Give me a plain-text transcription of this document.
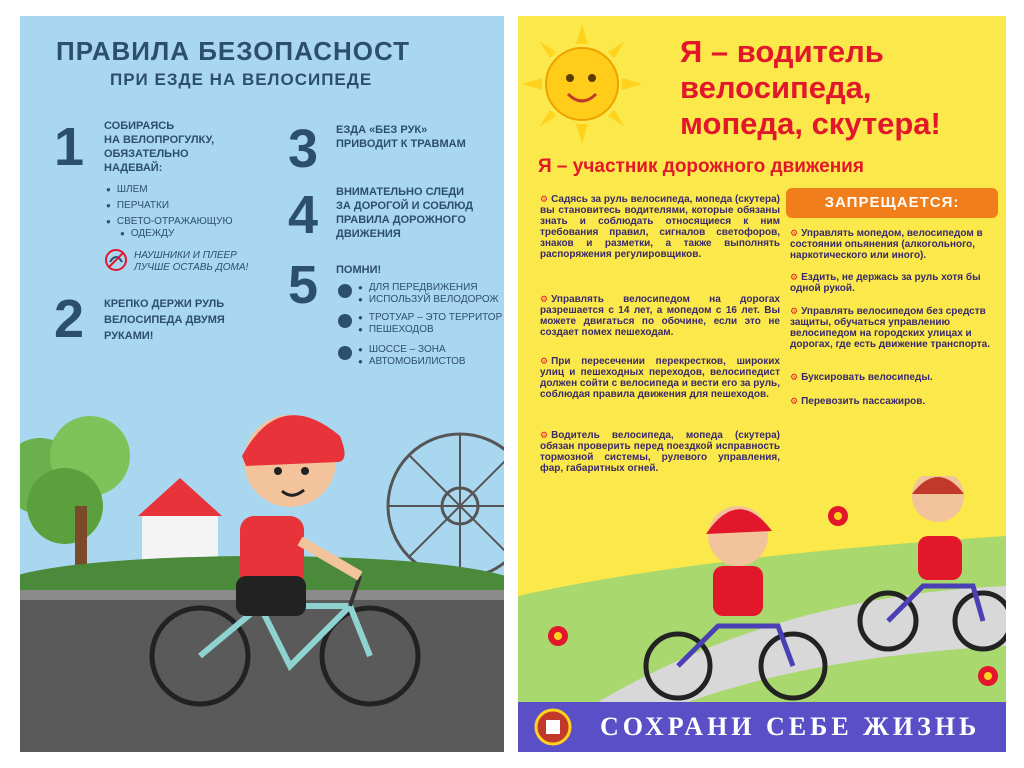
ПРАВИЛА БЕЗОПАСНОСТ
ПРИ ЕЗДЕ НА ВЕЛОСИПЕДЕ
1 СОБИРАЯСЬ
НА ВЕЛОПРОГУЛКУ,
ОБЯЗАТЕЛЬНО
НАДЕВАЙ:
● ШЛЕМ
● ПЕРЧАТКИ
● СВЕТО-ОТРАЖАЮЩУЮ
● ОДЕЖДУ
НАУШНИКИ И ПЛЕЕР
ЛУЧШЕ ОСТАВЬ ДОМА!
2 КРЕПКО ДЕРЖИ РУЛЬ
ВЕЛОСИПЕДА ДВУМЯ
РУКАМИ!
3 ЕЗДА «БЕЗ РУК»
ПРИВОДИТ К ТРАВМАМ
4 ВНИМАТЕЛЬНО СЛЕДИ
ЗА ДОРОГОЙ И СОБЛЮД
ПРАВИЛА ДОРОЖНОГО
ДВИЖЕНИЯ
5 ПОМНИ!
● ДЛЯ ПЕРЕДВИЖЕНИЯ
● ИСПОЛЬЗУЙ ВЕЛОДОРОЖ
● ТРОТУАР – ЭТО ТЕРРИТОР
● ПЕШЕХОДОВ
● ШОССЕ – ЗОНА
● АВТОМОБИЛИСТОВ
Я – водитель
велосипеда,
мопеда, скутера!
Я – участник дорожного движения
⚙ Садясь за руль велосипеда, мопеда (скутера) вы становитесь водителями, которые обязаны знать и соблюдать относящиеся к ним требования правил, сигналов светофоров, знаков и разметки, а также выполнять распоряжения регулировщиков.
⚙ Управлять велосипедом на дорогах разрешается с 14 лет, а мопедом с 16 лет. Вы можете двигаться по обочине, если это не создает помех пешеходам.
⚙ При пересечении перекрестков, широких улиц и пешеходных переходов, велосипедист должен сойти с велосипеда и вести его за руль, соблюдая правила движения для пешеходов.
⚙ Водитель велосипеда, мопеда (скутера) обязан проверить перед поездкой исправность тормозной системы, рулевого управления, фар, габаритных огней.
ЗАПРЕЩАЕТСЯ:
⚙ Управлять мопедом, велосипедом в состоянии опьянения (алкогольного, наркотического или иного).
⚙ Ездить, не держась за руль хотя бы одной рукой.
⚙ Управлять велосипедом без средств защиты, обучаться управлению велосипедом на городских улицах и дорогах, где есть движение транспорта.
⚙ Буксировать велосипеды.
⚙ Перевозить пассажиров.
СОХРАНИ СЕБЕ ЖИЗНЬ
